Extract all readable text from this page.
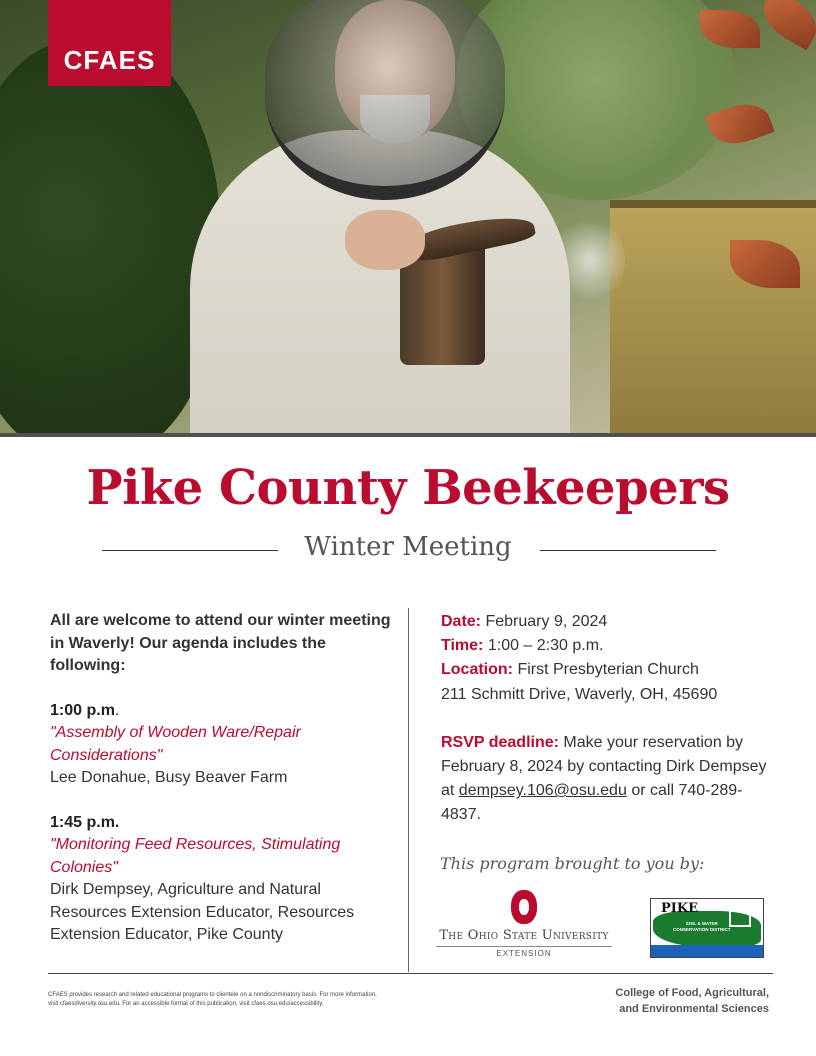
CFAES
Pike County Beekeepers
Winter Meeting
All are welcome to attend our winter meeting in Waverly! Our agenda includes the following:
1:00 p.m.
"Assembly of Wooden Ware/Repair Considerations"
Lee Donahue, Busy Beaver Farm
1:45 p.m.
"Monitoring Feed Resources, Stimulating Colonies"
Dirk Dempsey, Agriculture and Natural Resources Extension Educator, Resources Extension Educator, Pike County
Date: February 9, 2024
Time: 1:00 – 2:30 p.m.
Location: First Presbyterian Church
211 Schmitt Drive, Waverly, OH, 45690
RSVP deadline: Make your reservation by February 8, 2024 by contacting Dirk Dempsey at dempsey.106@osu.edu or call 740-289-4837.
This program brought to you by:
The Ohio State University
EXTENSION
PIKE
SOIL & WATER
CONSERVATION DISTRICT
CFAES provides research and related educational programs to clientele on a nondiscriminatory basis. For more information,
visit cfaesdiversity.osu.edu. For an accessible format of this publication, visit cfaes.osu.edu/accessibility.
College of Food, Agricultural,
and Environmental Sciences
